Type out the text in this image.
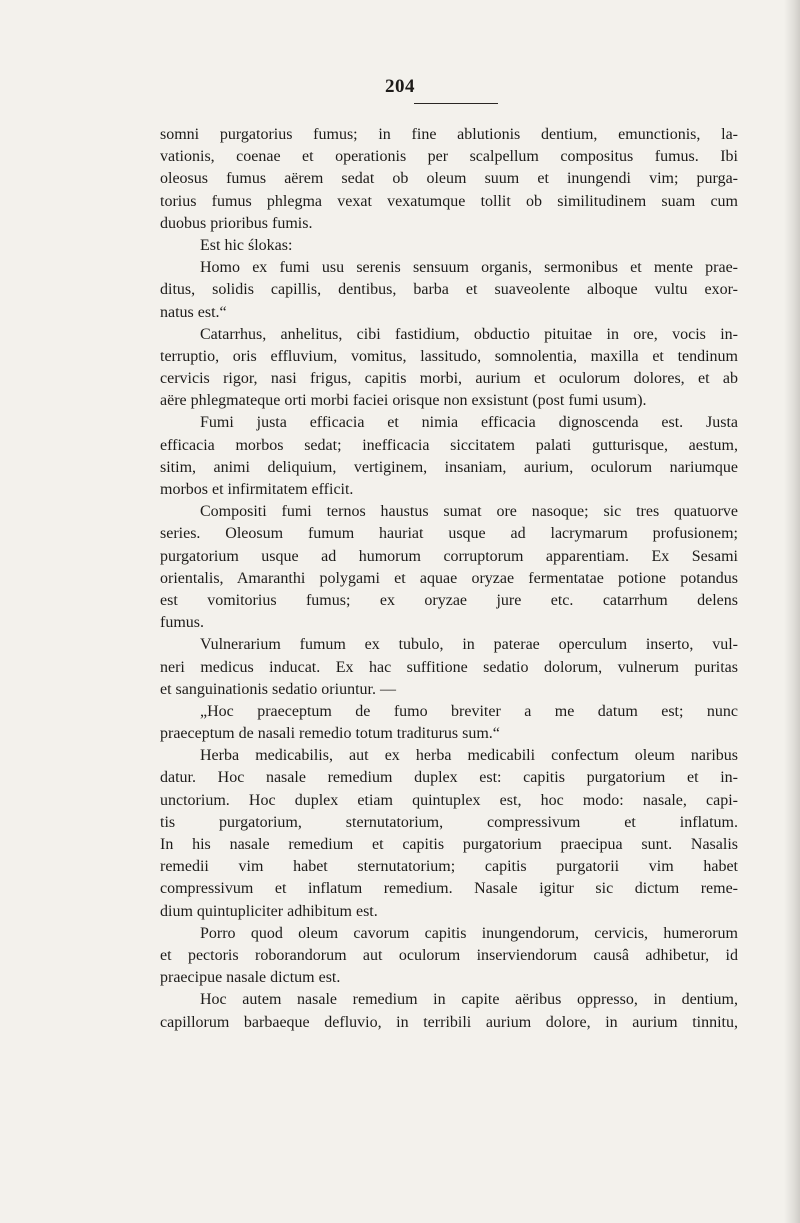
204
somni purgatorius fumus; in fine ablutionis dentium, emunctionis, la-
vationis, coenae et operationis per scalpellum compositus fumus. Ibi
oleosus fumus aërem sedat ob oleum suum et inungendi vim; purga-
torius fumus phlegma vexat vexatumque tollit ob similitudinem suam cum
duobus prioribus fumis.
Est hic ślokas:
Homo ex fumi usu serenis sensuum organis, sermonibus et mente prae-
ditus, solidis capillis, dentibus, barba et suaveolente alboque vultu exor-
natus est.“
Catarrhus, anhelitus, cibi fastidium, obductio pituitae in ore, vocis in-
terruptio, oris effluvium, vomitus, lassitudo, somnolentia, maxilla et tendinum
cervicis rigor, nasi frigus, capitis morbi, aurium et oculorum dolores, et ab
aëre phlegmateque orti morbi faciei orisque non exsistunt (post fumi usum).
Fumi justa efficacia et nimia efficacia dignoscenda est. Justa
efficacia morbos sedat; inefficacia siccitatem palati gutturisque, aestum,
sitim, animi deliquium, vertiginem, insaniam, aurium, oculorum nariumque
morbos et infirmitatem efficit.
Compositi fumi ternos haustus sumat ore nasoque; sic tres quatuorve
series. Oleosum fumum hauriat usque ad lacrymarum profusionem;
purgatorium usque ad humorum corruptorum apparentiam. Ex Sesami
orientalis, Amaranthi polygami et aquae oryzae fermentatae potione potandus
est vomitorius fumus; ex oryzae jure etc. catarrhum delens
fumus.
Vulnerarium fumum ex tubulo, in paterae operculum inserto, vul-
neri medicus inducat. Ex hac suffitione sedatio dolorum, vulnerum puritas
et sanguinationis sedatio oriuntur. —
„Hoc praeceptum de fumo breviter a me datum est; nunc
praeceptum de nasali remedio totum traditurus sum.“
Herba medicabilis, aut ex herba medicabili confectum oleum naribus
datur. Hoc nasale remedium duplex est: capitis purgatorium et in-
unctorium. Hoc duplex etiam quintuplex est, hoc modo: nasale, capi-
tis purgatorium, sternutatorium, compressivum et inflatum.
In his nasale remedium et capitis purgatorium praecipua sunt. Nasalis
remedii vim habet sternutatorium; capitis purgatorii vim habet
compressivum et inflatum remedium. Nasale igitur sic dictum reme-
dium quintupliciter adhibitum est.
Porro quod oleum cavorum capitis inungendorum, cervicis, humerorum
et pectoris roborandorum aut oculorum inserviendorum causâ adhibetur, id
praecipue nasale dictum est.
Hoc autem nasale remedium in capite aëribus oppresso, in dentium,
capillorum barbaeque defluvio, in terribili aurium dolore, in aurium tinnitu,
